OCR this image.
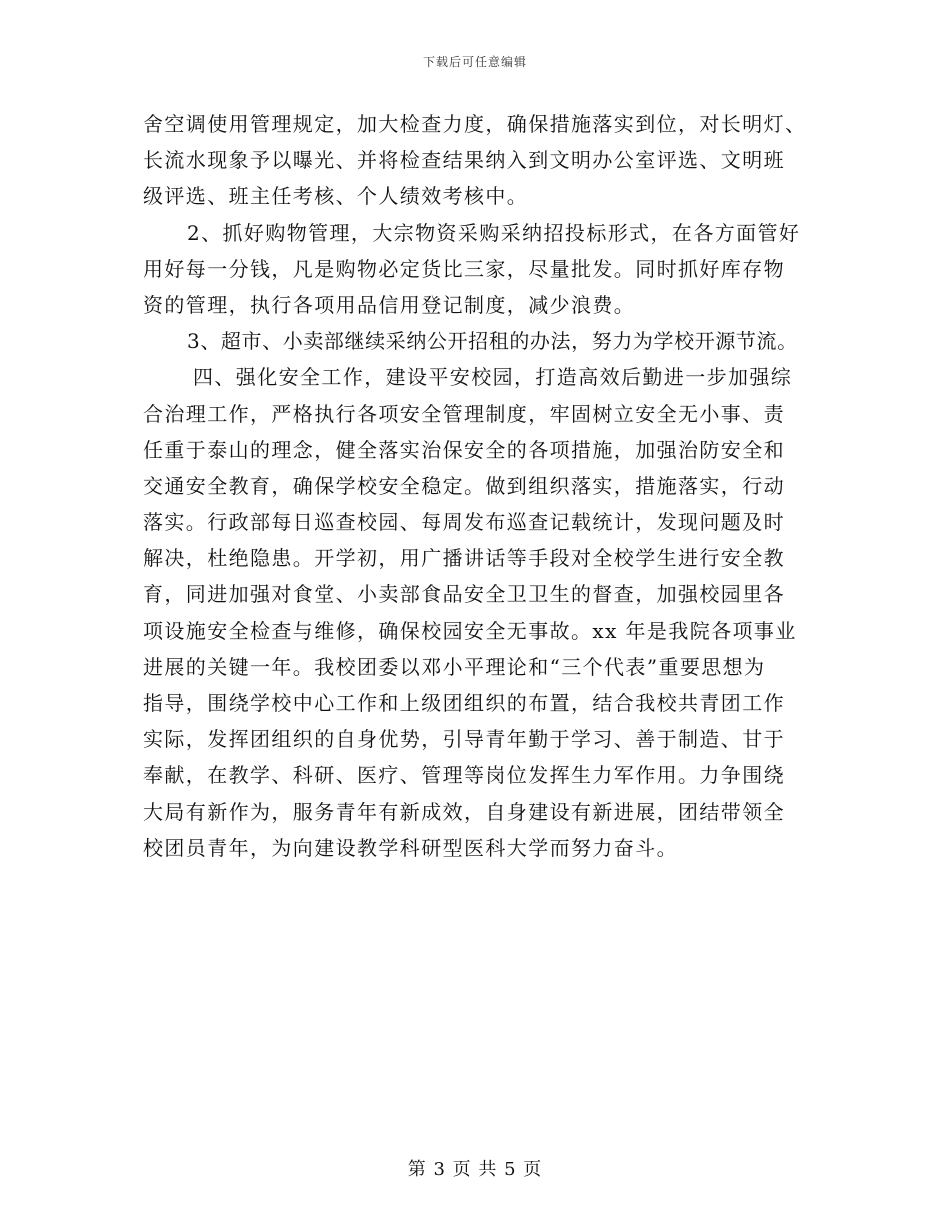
下载后可任意编辑
舍空调使用管理规定，加大检查力度，确保措施落实到位，对长明灯、
长流水现象予以曝光、并将检查结果纳入到文明办公室评选、文明班
级评选、班主任考核、个人绩效考核中。
2、抓好购物管理，大宗物资采购采纳招投标形式，在各方面管好
用好每一分钱，凡是购物必定货比三家，尽量批发。同时抓好库存物
资的管理，执行各项用品信用登记制度，减少浪费。
3、超市、小卖部继续采纳公开招租的办法，努力为学校开源节流。
四、强化安全工作，建设平安校园，打造高效后勤进一步加强综
合治理工作，严格执行各项安全管理制度，牢固树立安全无小事、责
任重于泰山的理念，健全落实治保安全的各项措施，加强治防安全和
交通安全教育，确保学校安全稳定。做到组织落实，措施落实，行动
落实。行政部每日巡查校园、每周发布巡查记载统计，发现问题及时
解决，杜绝隐患。开学初，用广播讲话等手段对全校学生进行安全教
育，同进加强对食堂、小卖部食品安全卫卫生的督查，加强校园里各
项设施安全检查与维修，确保校园安全无事故。xx 年是我院各项事业
进展的关键一年。我校团委以邓小平理论和“三个代表”重要思想为
指导，围绕学校中心工作和上级团组织的布置，结合我校共青团工作
实际，发挥团组织的自身优势，引导青年勤于学习、善于制造、甘于
奉献，在教学、科研、医疗、管理等岗位发挥生力军作用。力争围绕
大局有新作为，服务青年有新成效，自身建设有新进展，团结带领全
校团员青年，为向建设教学科研型医科大学而努力奋斗。
第 3 页 共 5 页
